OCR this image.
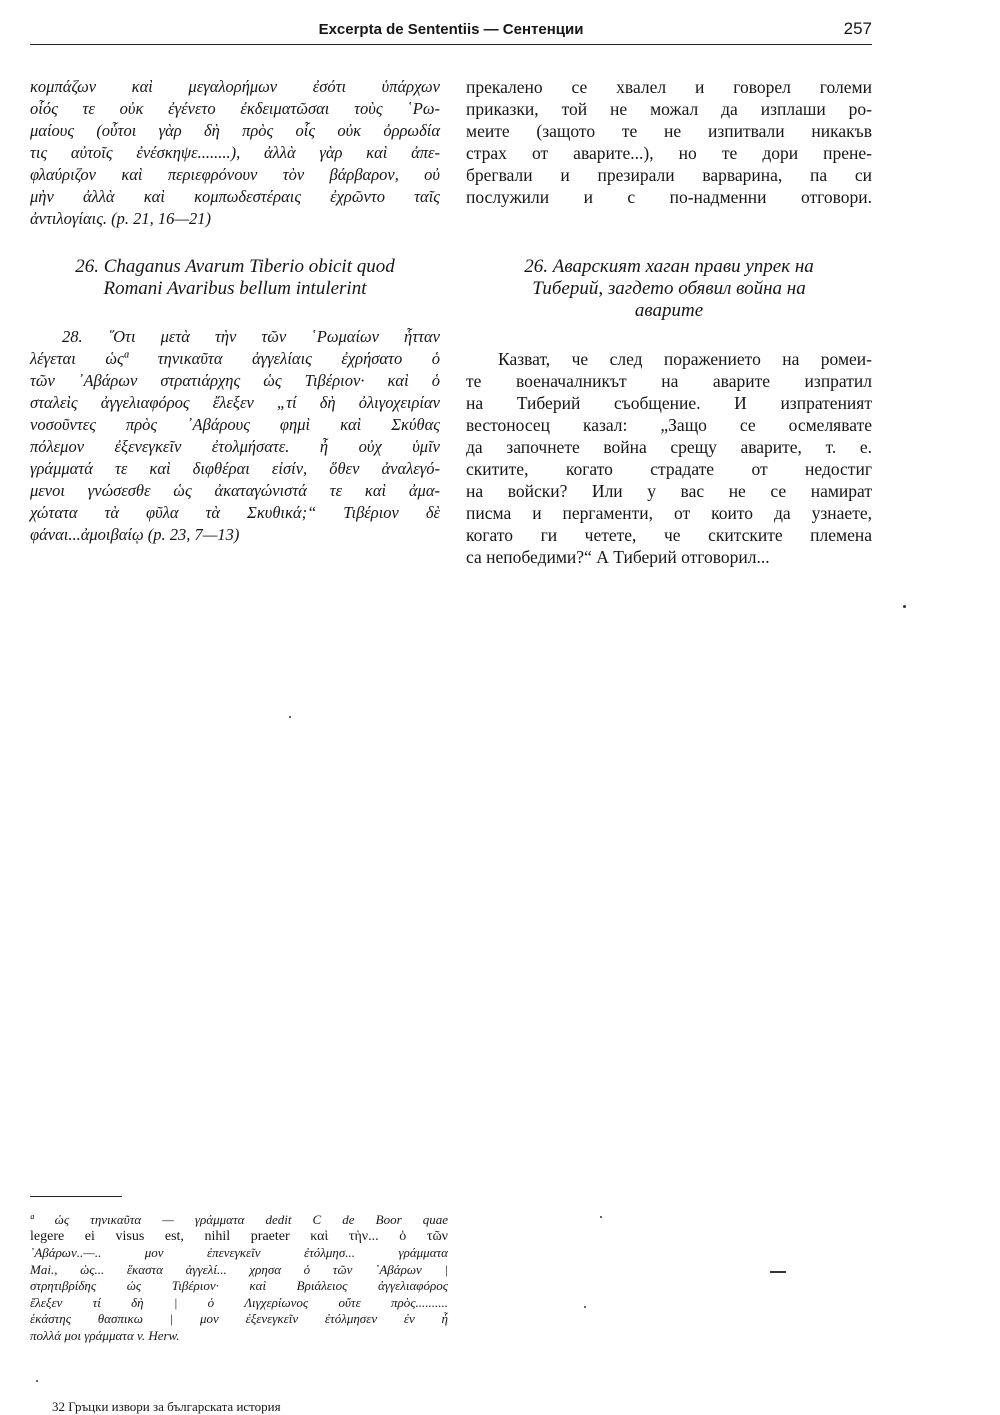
Excerpta de Sententiis — Сентенции	257
κομπάζων καὶ μεγαλορήμων ἐσότι ὑπάρχων
οἷός τε οὐκ ἐγένετο ἐκδειματῶσαι τοὺς ῾Ρω-
μαίους (οὗτοι γὰρ δὴ πρὸς οἷς οὐκ ὀρρωδία
τις αὐτοῖς ἐνέσκηψε........), ἀλλὰ γὰρ καὶ ἀπε-
φλαύριζον καὶ περιεφρόνουν τὸν βάρβαρον, οὐ
μὴν ἀλλὰ καὶ κομπωδεστέραις ἐχρῶντο ταῖς
ἀντιλογίαις. (p. 21, 16—21)
26. Chaganus Avarum Tiberio obicit quod
Romani Avaribus bellum intulerint
28. ῞Οτι μετὰ τὴν τῶν ῾Ρωμαίων ἧτταν
λέγεται ὡςª τηνικαῦτα ἀγγελίαις ἐχρήσατο ὁ
τῶν ᾿Αβάρων στρατιάρχης ὡς Τιβέριον· καὶ ὁ
σταλεὶς ἀγγελιαφόρος ἔλεξεν „τί δὴ ὀλιγοχειρίαν
νοσοῦντες πρὸς ᾿Αβάρους φημὶ καὶ Σκύθας
πόλεμον ἐξενεγκεῖν ἐτολμήσατε. ἦ οὐχ ὑμῖν
γράμματά τε καὶ διφθέραι εἰσίν, ὅθεν ἀναλεγό-
μενοι γνώσεσθε ὡς ἀκαταγώνιστά τε καὶ ἀμα-
χώτατα τὰ φῦλα τὰ Σκυθικά;“ Τιβέριον δὲ
φάναι...ἀμοιβαίῳ (p. 23, 7—13)
прекалено се хвалел и говорел големи
приказки, той не можал да изплаши ро-
меите (защото те не изпитвали никакъв
страх от аварите...), но те дори прене-
брегвали и презирали варварина, па си
послужили и с по-надменни отговори.
26. Аварският хаган прави упрек на
Тиберий, загдето обявил война на
аварите
Казват, че след поражението на ромеи-
те военачалникът на аварите изпратил
на Тиберий съобщение. И изпратеният
вестоносец казал: „Защо се осмелявате
да започнете война срещу аварите, т. е.
скитите, когато страдате от недостиг
на войски? Или у вас не се намират
писма и пергаменти, от които да узнаете,
когато ги четете, че скитските племена
са непобедими?“ А Тиберий отговорил...
ª ὡς τηνικαῦτα — γράμματα dedit C de Boor quae
legere ei visus est, nihil praeter καὶ τὴν... ὁ τῶν
᾿Αβάρων..—.. μον ἐπενεγκεῖν ἐτόλμησ... γράμματα
Mai., ὡς... ἕκαστα ἀγγελί... χρησα ὁ τῶν ᾿Αβάρων |
στρητιβρίδης ὡς Τιβέριον· καὶ Βριάλειος ἀγγελιαφόρος
ἔλεξεν τί δὴ | ὁ Λιγχερίωνος οὔτε πρὸς..........
ἑκάστης θασπικω | μον ἐξενεγκεῖν ἐτόλμησεν ἐν ἧ
πολλά μοι γράμματα v. Herw.
32 Гръцки извори за българската история
